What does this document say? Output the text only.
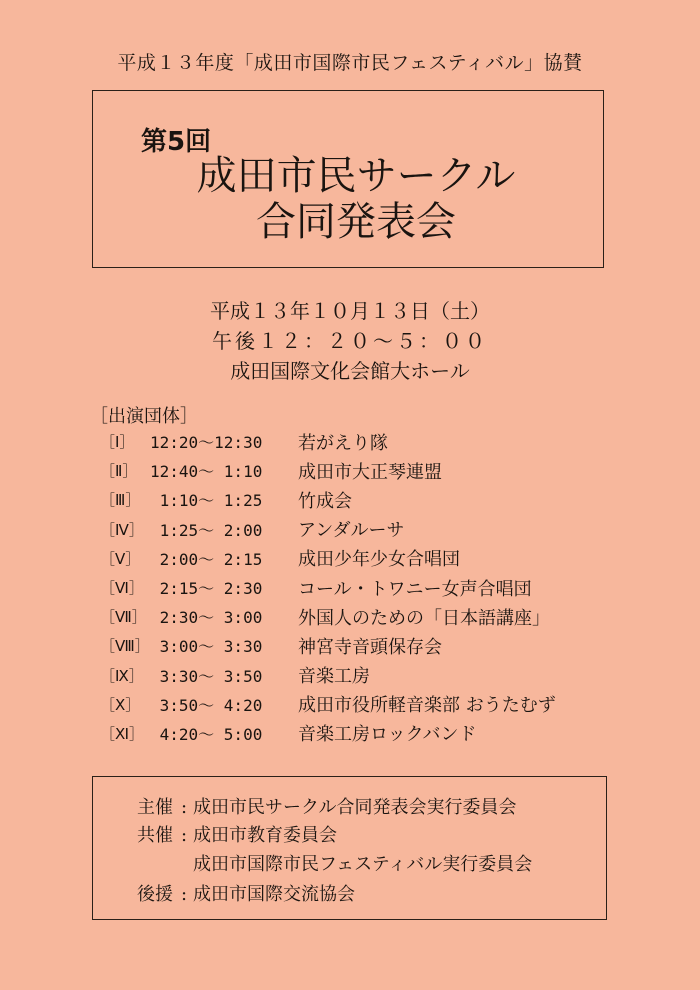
平成１３年度「成田市国際市民フェスティバル」協賛
第5回
成田市民サークル
合同発表会
平成１３年１０月１３日（土）
午後１２：２０～５：００
成田国際文化会館大ホール
［出演団体］
［Ⅰ］ 12:20～12:30	若がえり隊
［Ⅱ］ 12:40～ 1:10	成田市大正琴連盟
［Ⅲ］ 1:10～ 1:25	竹成会
［Ⅳ］ 1:25～ 2:00	アンダルーサ
［Ⅴ］ 2:00～ 2:15	成田少年少女合唱団
［Ⅵ］ 2:15～ 2:30	コール・トワニー女声合唱団
［Ⅶ］ 2:30～ 3:00	外国人のための「日本語講座」
［Ⅷ］ 3:00～ 3:30	神宮寺音頭保存会
［Ⅸ］ 3:30～ 3:50	音楽工房
［Ⅹ］ 3:50～ 4:20	成田市役所軽音楽部 おうたむず
［Ⅺ］ 4:20～ 5:00	音楽工房ロックバンド
主催 : 成田市民サークル合同発表会実行委員会
共催 : 成田市教育委員会
成田市国際市民フェスティバル実行委員会
後援 : 成田市国際交流協会
